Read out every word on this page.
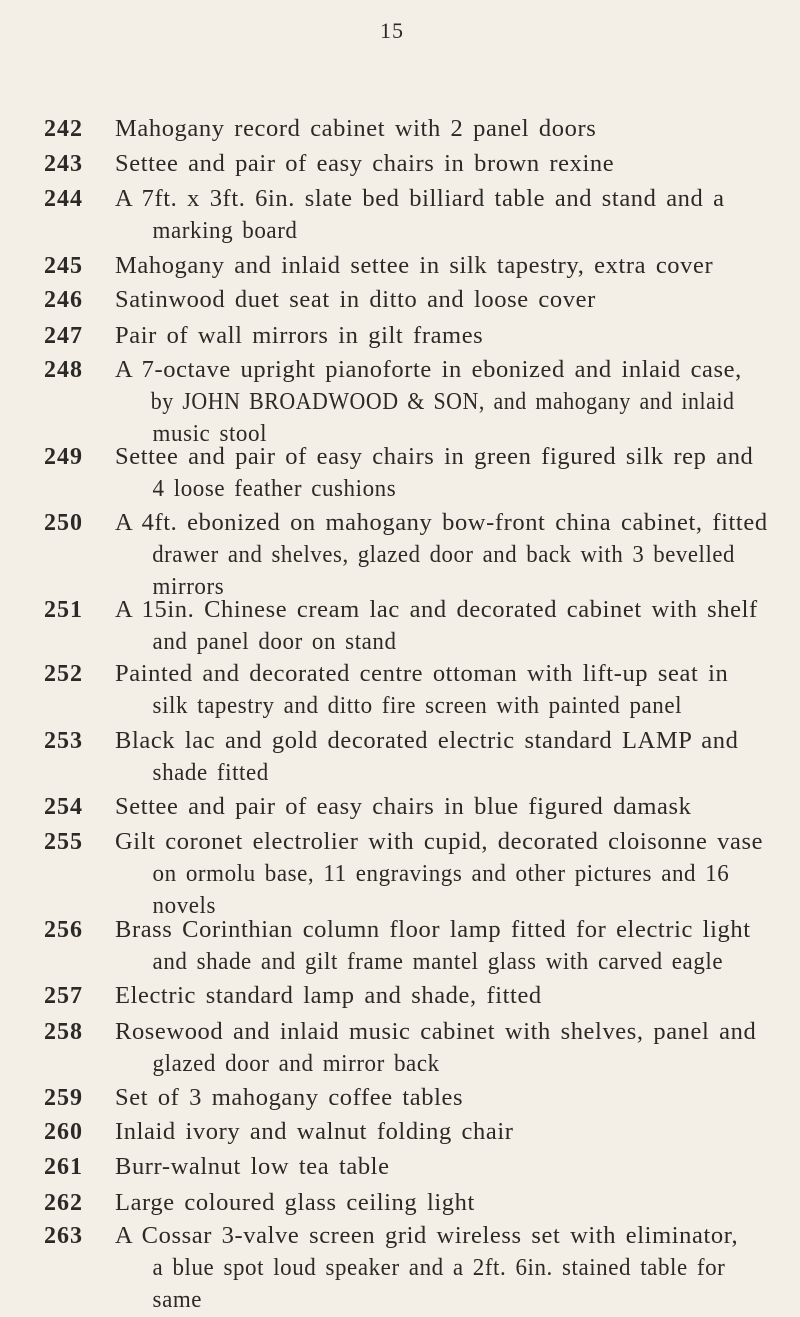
15
242	Mahogany record cabinet with 2 panel doors
243	Settee and pair of easy chairs in brown rexine
244	A 7ft. x 3ft. 6in. slate bed billiard table and stand and a
marking board
245	Mahogany and inlaid settee in silk tapestry, extra cover
246	Satinwood duet seat in ditto and loose cover
247	Pair of wall mirrors in gilt frames
248	A 7-octave upright pianoforte in ebonized and inlaid case,
by JOHN BROADWOOD & SON, and mahogany and inlaid
music stool
249	Settee and pair of easy chairs in green figured silk rep and
4 loose feather cushions
250	A 4ft. ebonized on mahogany bow-front china cabinet, fitted
drawer and shelves, glazed door and back with 3 bevelled
mirrors
251	A 15in. Chinese cream lac and decorated cabinet with shelf
and panel door on stand
252	Painted and decorated centre ottoman with lift-up seat in
silk tapestry and ditto fire screen with painted panel
253	Black lac and gold decorated electric standard LAMP and
shade fitted
254	Settee and pair of easy chairs in blue figured damask
255	Gilt coronet electrolier with cupid, decorated cloisonne vase
on ormolu base, 11 engravings and other pictures and 16
novels
256	Brass Corinthian column floor lamp fitted for electric light
and shade and gilt frame mantel glass with carved eagle
257	Electric standard lamp and shade, fitted
258	Rosewood and inlaid music cabinet with shelves, panel and
glazed door and mirror back
259	Set of 3 mahogany coffee tables
260	Inlaid ivory and walnut folding chair
261	Burr-walnut low tea table
262	Large coloured glass ceiling light
263	A Cossar 3-valve screen grid wireless set with eliminator,
a blue spot loud speaker and a 2ft. 6in. stained table for
same
